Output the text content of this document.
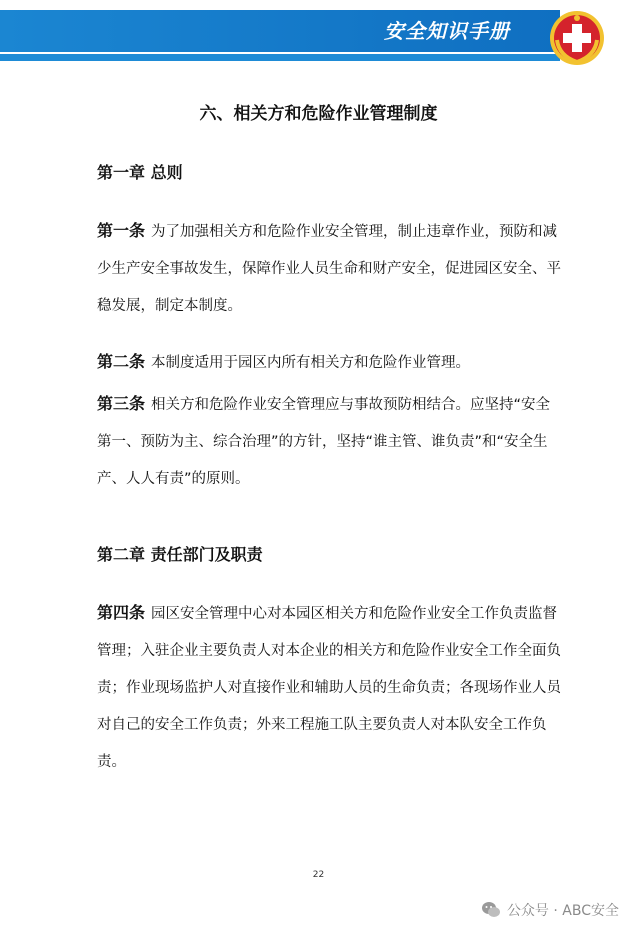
安全知识手册
六、相关方和危险作业管理制度
第一章 总则

第一条 为了加强相关方和危险作业安全管理，制止违章作业，预防和减少生产安全事故发生，保障作业人员生命和财产安全，促进园区安全、平稳发展，制定本制度。

第二条 本制度适用于园区内所有相关方和危险作业管理。

第三条 相关方和危险作业安全管理应与事故预防相结合。应坚持“安全第一、预防为主、综合治理”的方针，坚持“谁主管、谁负责”和“安全生产、人人有责”的原则。

第二章 责任部门及职责

第四条 园区安全管理中心对本园区相关方和危险作业安全工作负责监督管理；入驻企业主要负责人对本企业的相关方和危险作业安全工作全面负责；作业现场监护人对直接作业和辅助人员的生命负责；各现场作业人员对自己的安全工作负责；外来工程施工队主要负责人对本队安全工作负责。

22
公众号 · ABC安全
